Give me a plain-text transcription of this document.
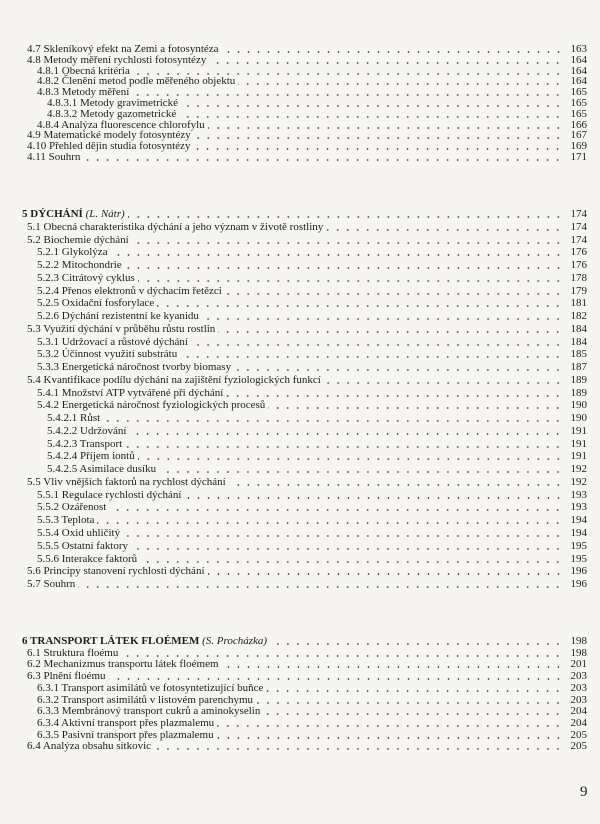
4.7 Skleníkový efekt na Zemi a fotosyntéza	163
4.8 Metody měření rychlosti fotosyntézy	164
4.8.1 Obecná kritéria	164
4.8.2 Členění metod podle měřeného objektu	164
4.8.3 Metody měření	165
4.8.3.1 Metody gravimetrické	165
4.8.3.2 Metody gazometrické	165
4.8.4 Analýza fluorescence chlorofylu	166
4.9 Matematické modely fotosyntézy	167
4.10 Přehled dějin studia fotosyntézy	169
4.11 Souhrn	171
5 DÝCHÁNÍ (L. Nátr)	174
5.1 Obecná charakteristika dýchání a jeho význam v životě rostliny	174
5.2 Biochemie dýchání	174
5.2.1 Glykolýza	176
5.2.2 Mitochondrie	176
5.2.3 Citrátový cyklus	178
5.2.4 Přenos elektronů v dýchacím řetězci	179
5.2.5 Oxidační fosforylace	181
5.2.6 Dýchání rezistentní ke kyanidu	182
5.3 Využití dýchání v průběhu růstu rostlin	184
5.3.1 Udržovací a růstové dýchání	184
5.3.2 Účinnost využití substrátu	185
5.3.3 Energetická náročnost tvorby biomasy	187
5.4 Kvantifikace podílu dýchání na zajištění fyziologických funkcí	189
5.4.1 Množství ATP vytvářené při dýchání	189
5.4.2 Energetická náročnost fyziologických procesů	190
5.4.2.1 Růst	190
5.4.2.2 Udržování	191
5.4.2.3 Transport	191
5.4.2.4 Příjem iontů	191
5.4.2.5 Asimilace dusíku	192
5.5 Vliv vnějších faktorů na rychlost dýchání	192
5.5.1 Regulace rychlosti dýchání	193
5.5.2 Ozářenost	193
5.5.3 Teplota	194
5.5.4 Oxid uhličitý	194
5.5.5 Ostatní faktory	195
5.5.6 Interakce faktorů	195
5.6 Principy stanovení rychlosti dýchání	196
5.7 Souhrn	196
6 TRANSPORT LÁTEK FLOÉMEM (S. Procházka)	198
6.1 Struktura floému	198
6.2 Mechanizmus transportu látek floémem	201
6.3 Plnění floému	203
6.3.1 Transport asimilátů ve fotosyntetizující buňce	203
6.3.2 Transport asimilátů v listovém parenchymu	203
6.3.3 Membránový transport cukrů a aminokyselin	204
6.3.4 Aktivní transport přes plazmalemu	204
6.3.5 Pasivní transport přes plazmalemu	205
6.4 Analýza obsahu sítkovic	205
9
